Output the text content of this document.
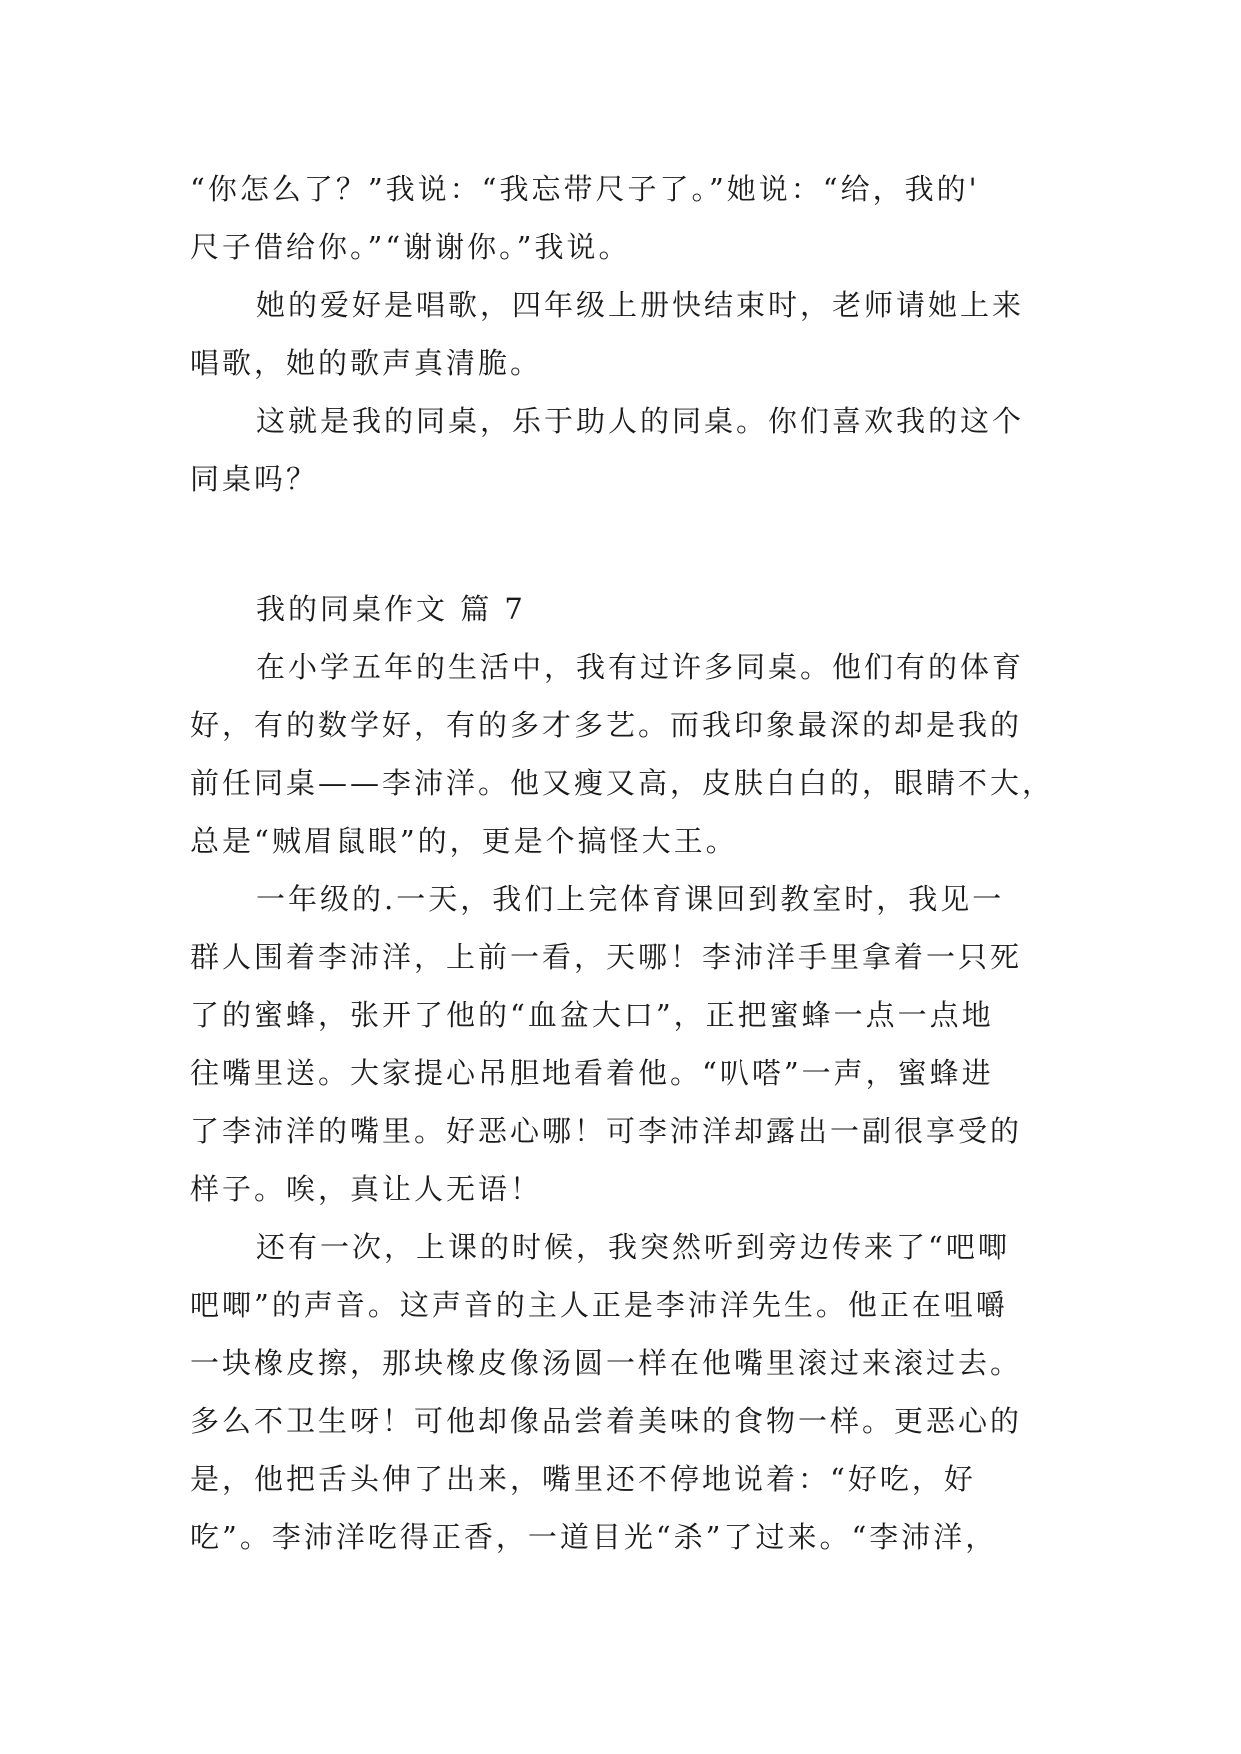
“你怎么了？”我说：“我忘带尺子了。”她说：“给，我的'
尺子借给你。”“谢谢你。”我说。
她的爱好是唱歌，四年级上册快结束时，老师请她上来
唱歌，她的歌声真清脆。
这就是我的同桌，乐于助人的同桌。你们喜欢我的这个
同桌吗？
我的同桌作文 篇 7
在小学五年的生活中，我有过许多同桌。他们有的体育
好，有的数学好，有的多才多艺。而我印象最深的却是我的
前任同桌——李沛洋。他又瘦又高，皮肤白白的，眼睛不大，
总是“贼眉鼠眼”的，更是个搞怪大王。
一年级的.一天，我们上完体育课回到教室时，我见一
群人围着李沛洋，上前一看，天哪！李沛洋手里拿着一只死
了的蜜蜂，张开了他的“血盆大口”，正把蜜蜂一点一点地
往嘴里送。大家提心吊胆地看着他。“叭嗒”一声，蜜蜂进
了李沛洋的嘴里。好恶心哪！可李沛洋却露出一副很享受的
样子。唉，真让人无语！
还有一次，上课的时候，我突然听到旁边传来了“吧唧
吧唧”的声音。这声音的主人正是李沛洋先生。他正在咀嚼
一块橡皮擦，那块橡皮像汤圆一样在他嘴里滚过来滚过去。
多么不卫生呀！可他却像品尝着美味的食物一样。更恶心的
是，他把舌头伸了出来，嘴里还不停地说着：“好吃，好
吃”。李沛洋吃得正香，一道目光“杀”了过来。“李沛洋，
